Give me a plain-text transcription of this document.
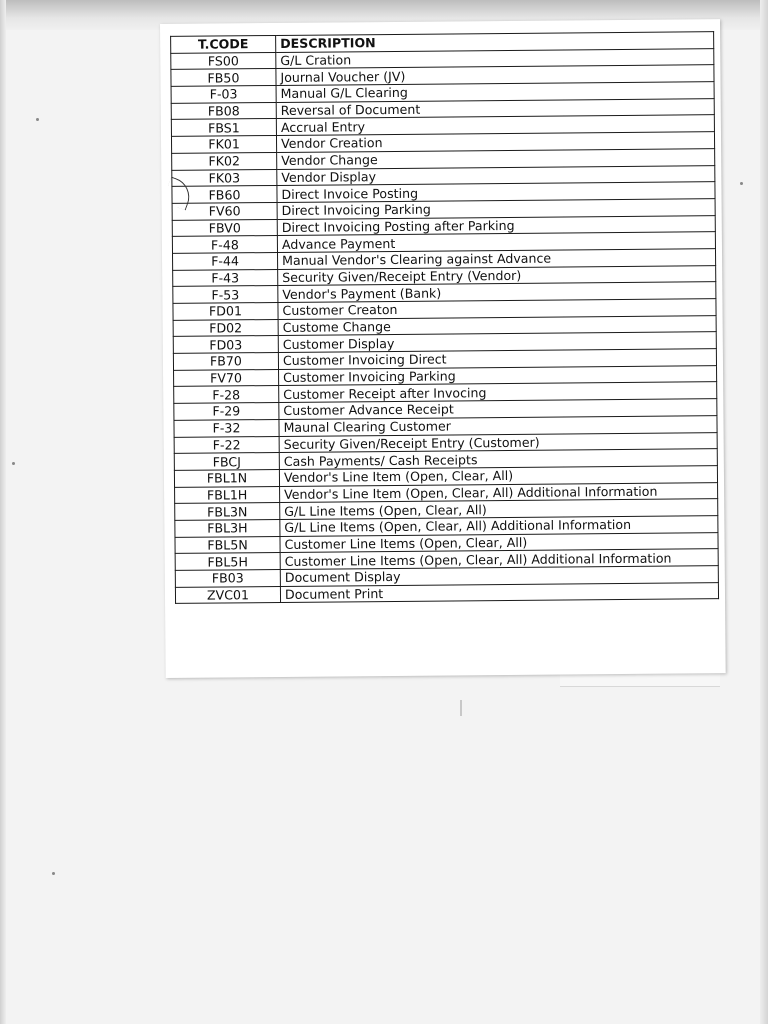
T.CODE	DESCRIPTION
FS00	G/L Cration
FB50	Journal Voucher (JV)
F-03	Manual G/L Clearing
FB08	Reversal of Document
FBS1	Accrual Entry
FK01	Vendor Creation
FK02	Vendor Change
FK03	Vendor Display
FB60	Direct Invoice Posting
FV60	Direct Invoicing Parking
FBV0	Direct Invoicing Posting after Parking
F-48	Advance Payment
F-44	Manual Vendor's Clearing against Advance
F-43	Security Given/Receipt Entry (Vendor)
F-53	Vendor's Payment (Bank)
FD01	Customer Creaton
FD02	Custome Change
FD03	Customer Display
FB70	Customer Invoicing Direct
FV70	Customer Invoicing Parking
F-28	Customer Receipt after Invocing
F-29	Customer Advance Receipt
F-32	Maunal Clearing Customer
F-22	Security Given/Receipt Entry (Customer)
FBCJ	Cash Payments/ Cash Receipts
FBL1N	Vendor's Line Item (Open, Clear, All)
FBL1H	Vendor's Line Item (Open, Clear, All) Additional Information
FBL3N	G/L Line Items (Open, Clear, All)
FBL3H	G/L Line Items (Open, Clear, All) Additional Information
FBL5N	Customer Line Items (Open, Clear, All)
FBL5H	Customer Line Items (Open, Clear, All) Additional Information
FB03	Document Display
ZVC01	Document Print
